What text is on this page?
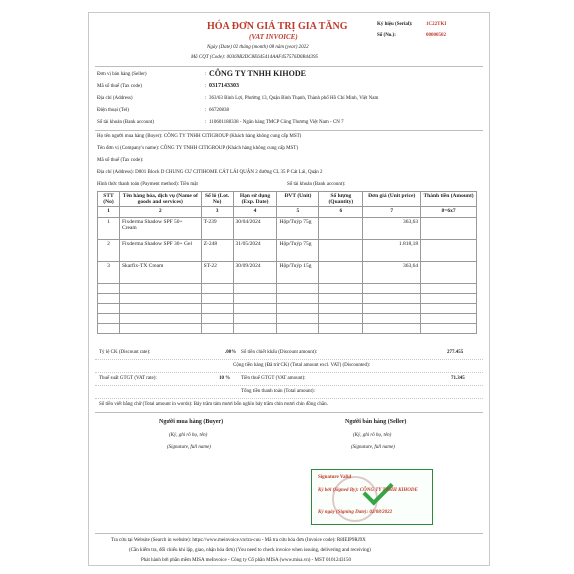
HÓA ĐƠN GIÁ TRỊ GIA TĂNG
(VAT INVOICE)
Ngày (Date) 02 tháng (month) 08 năm (year) 2022
Mã CQT (Code): 00369B2DC8E645414AAF457576D0B44395
Ký hiệu (Serial):	1C22TKI
Số (No.):	00000502
Đơn vị bán hàng (Seller)	: CÔNG TY TNHH KIHODE
Mã số thuế (Tax code)	: 0317143303
Địa chỉ (Address)	: 363/63 Bình Lợi, Phường 13, Quận Bình Thạnh, Thành phố Hồ Chí Minh, Việt Nam
Điện thoại (Tel)	: 66720838
Số tài khoản (Bank account)	: 110601188338 - Ngân hàng TMCP Công Thương Việt Nam - CN 7
Họ tên người mua hàng (Buyer): CÔNG TY TNHH CITIGROUP (Khách hàng không cung cấp MST)
Tên đơn vị (Company's name): CÔNG TY TNHH CITIGROUP (Khách hàng không cung cấp MST)
Mã số thuế (Tax code):
Địa chỉ (Address): D001 Block D CHUNG CƯ CITIHOME CÁT LÁI QUẬN 2 đường CL 35 P Cát Lái, Quận 2
Hình thức thanh toán (Payment method): Tiền mặt	Số tài khoản (Bank account):
STT (No)	Tên hàng hóa, dịch vụ (Name of goods and services)	Số lô (Lot. No)	Hạn sử dụng (Exp. Date)	ĐVT (Unit)	Số lượng (Quantity)	Đơn giá (Unit price)	Thành tiền (Amount)
1	2	3	4	5	6	7	8=6x7
1	Fixderma Shadow SPF 50+ Cream	T-239	30/04/2024	Hộp/Tuýp 75g		363,63	
2	Fixderma Shadow SPF 30+ Gel	Z-248	31/05/2024	Hộp/Tuýp 75g		1.818,18	
3	Skarfix-TX Cream	ST-22	30/09/2024	Hộp/Tuýp 15g		363,64	

Tỷ lệ CK (Discount rate):	.00% Số tiền chiết khấu (Discount amount):	277.455
Cộng tiền hàng (Đã trừ CK) (Total amount excl. VAT) (Discounted):
Thuế suất GTGT (VAT rate):	10 % Tiền thuế GTGT (VAT amount):	71.345
Tổng tiền thanh toán (Total amount):
Số tiền viết bằng chữ (Total amount in words): Bảy trăm tám mươi bốn nghìn bảy trăm chín mươi chín đồng chẵn.
Người mua hàng (Buyer)
(Ký, ghi rõ họ, tên)
(Signature, full name)
Người bán hàng (Seller)
(Ký, ghi rõ họ, tên)
(Signature, full name)
Signature Valid
Ký bởi (Signed By): CÔNG TY TNHH KIHODE
Ký ngày (Signing Date): 02/08/2022
Tra cứu tại Website (Search in website): https://www.meinvoice.vn/tra-cuu - Mã tra cứu hóa đơn (Invoice code): R8IEIP9RJ9X
(Cần kiểm tra, đối chiếu khi lập, giao, nhận hóa đơn) (You need to check invoice when issuing, delivering and receiving)
Phát hành bởi phần mềm MISA meInvoice - Công ty Cổ phần MISA (www.misa.vn) - MST 0101243150
